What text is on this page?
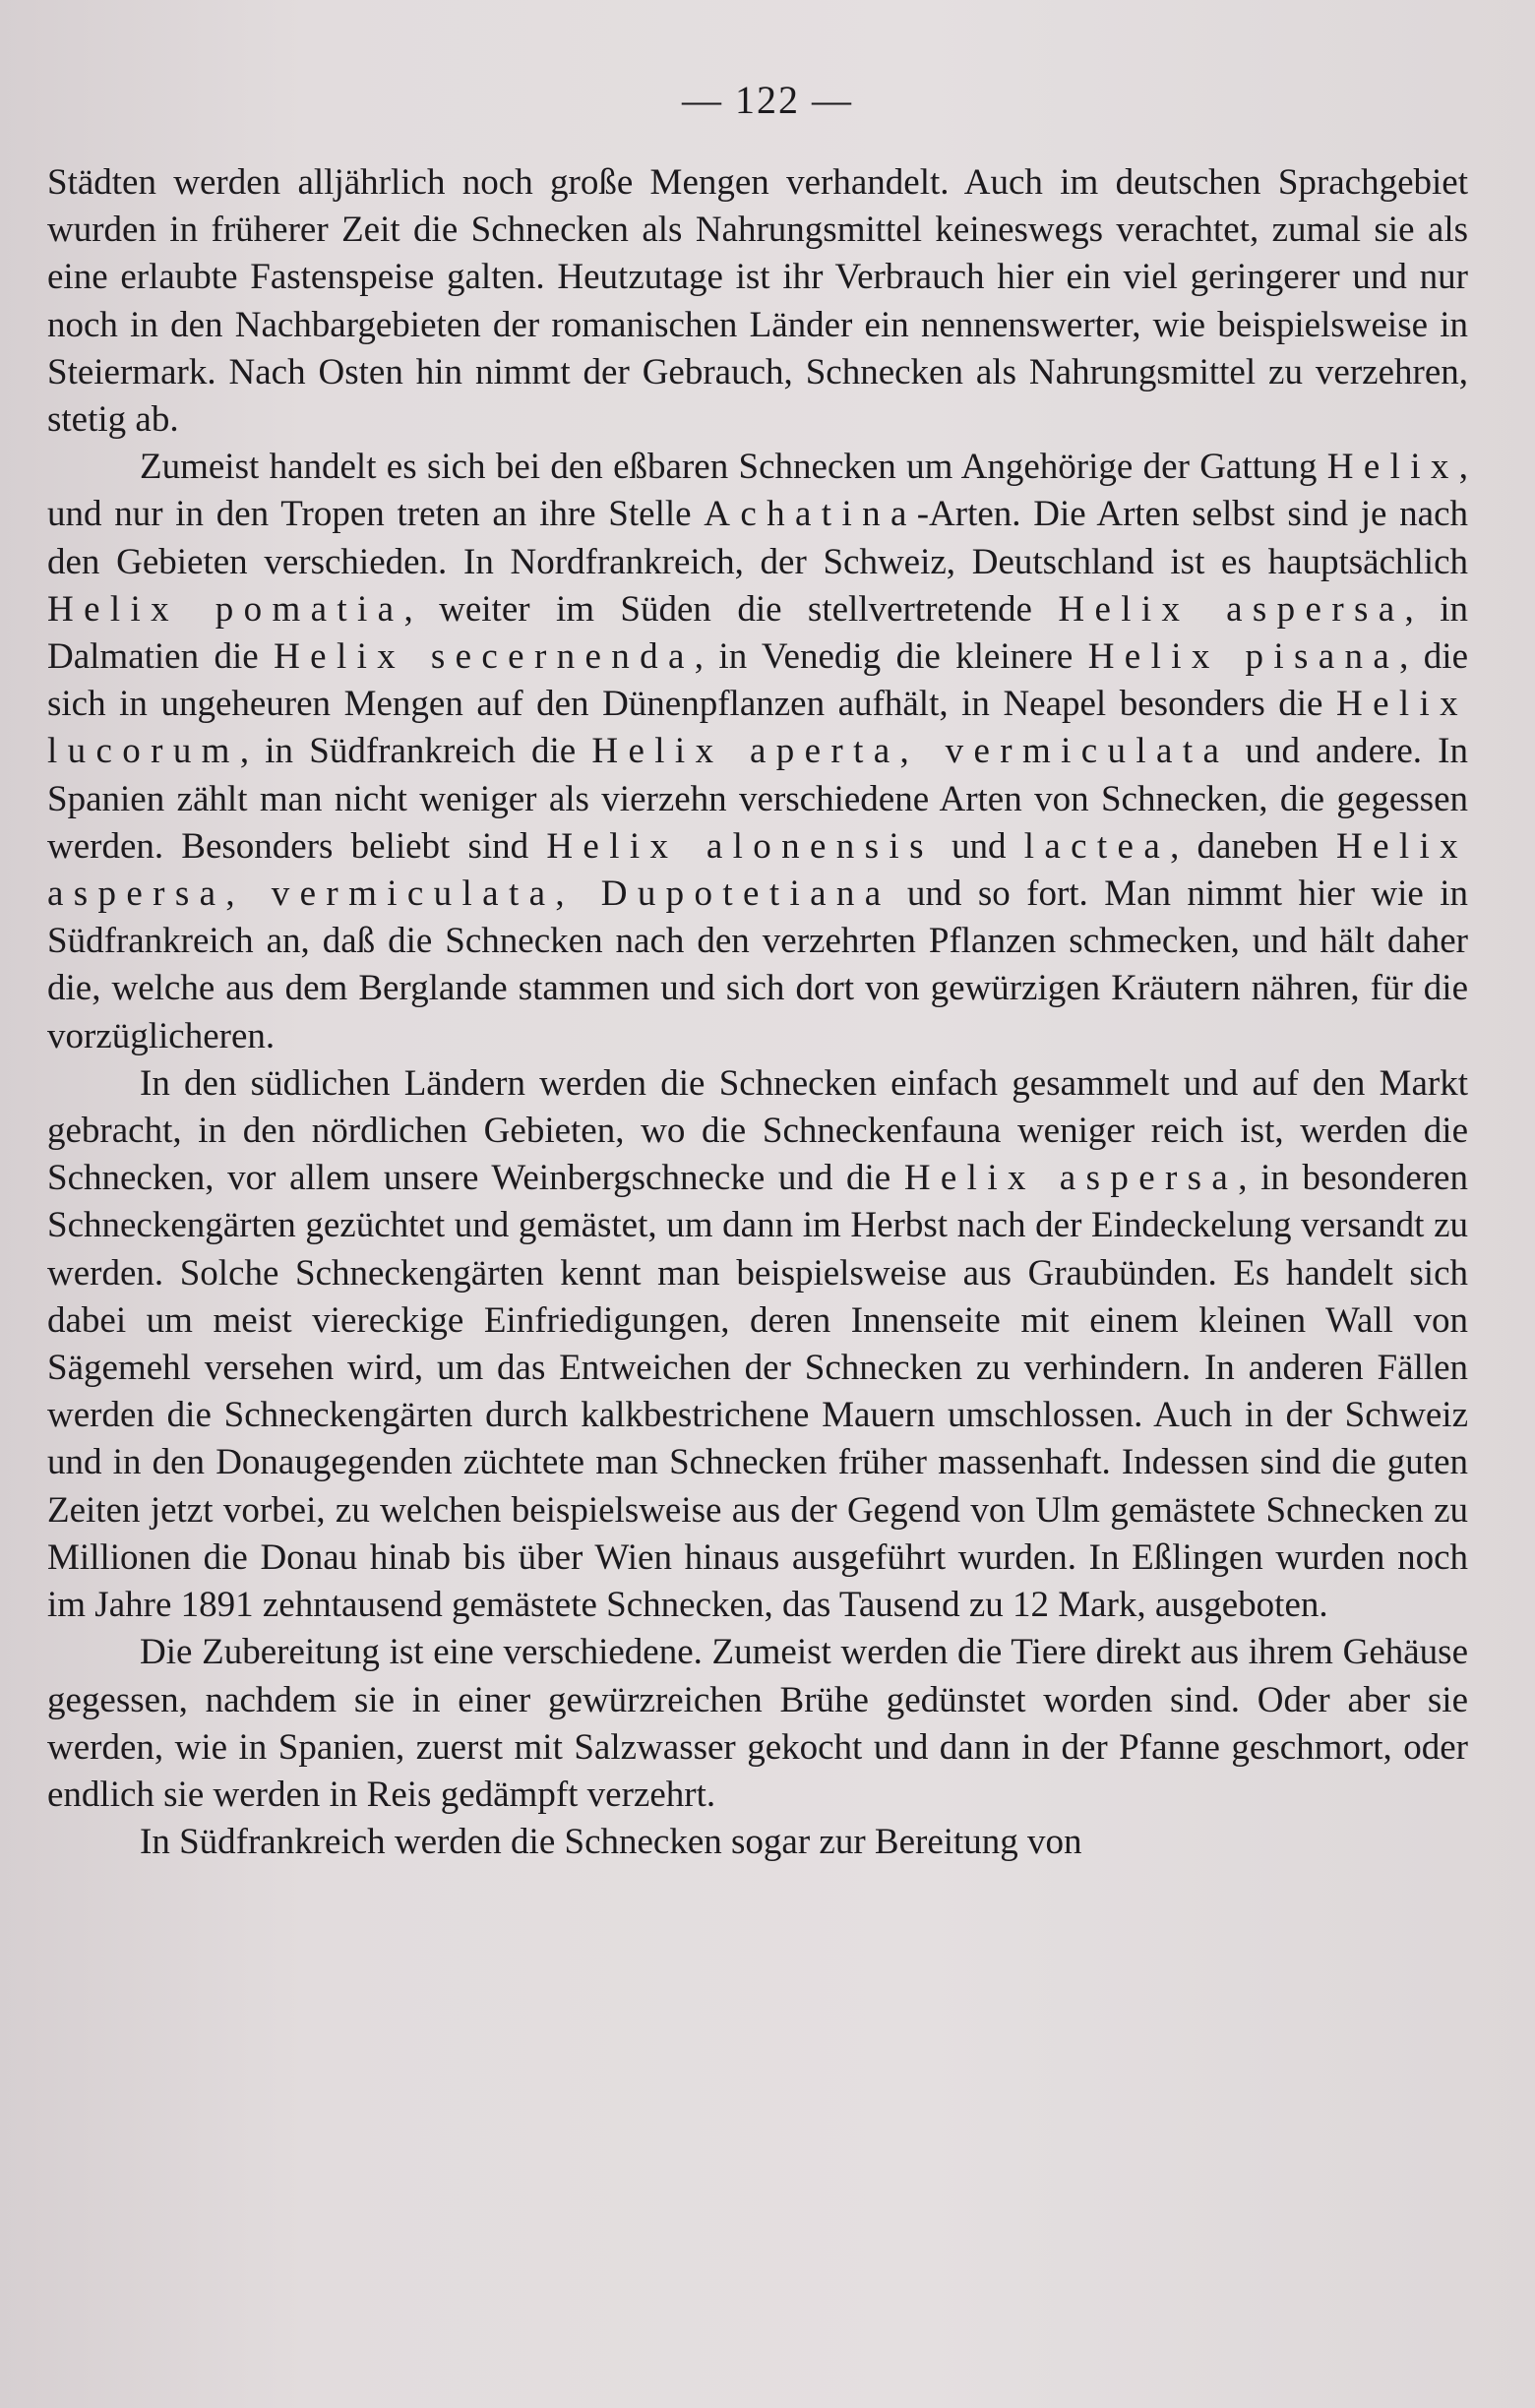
— 122 —

Städten werden alljährlich noch große Mengen verhandelt. Auch im deutschen Sprachgebiet wurden in früherer Zeit die Schnecken als Nahrungsmittel keineswegs verachtet, zumal sie als eine erlaubte Fastenspeise galten. Heutzutage ist ihr Verbrauch hier ein viel geringerer und nur noch in den Nachbargebieten der romanischen Länder ein nennenswerter, wie beispielsweise in Steiermark. Nach Osten hin nimmt der Gebrauch, Schnecken als Nahrungsmittel zu verzehren, stetig ab.

Zumeist handelt es sich bei den eßbaren Schnecken um Angehörige der Gattung Helix, und nur in den Tropen treten an ihre Stelle Achatina-Arten. Die Arten selbst sind je nach den Gebieten verschieden. In Nordfrankreich, der Schweiz, Deutschland ist es hauptsächlich Helix pomatia, weiter im Süden die stellvertretende Helix aspersa, in Dalmatien die Helix secernenda, in Venedig die kleinere Helix pisana, die sich in ungeheuren Mengen auf den Dünenpflanzen aufhält, in Neapel besonders die Helix lucorum, in Südfrankreich die Helix aperta, vermiculata und andere. In Spanien zählt man nicht weniger als vierzehn verschiedene Arten von Schnecken, die gegessen werden. Besonders beliebt sind Helix alonensis und lactea, daneben Helix aspersa, vermiculata, Dupotetiana und so fort. Man nimmt hier wie in Südfrankreich an, daß die Schnecken nach den verzehrten Pflanzen schmecken, und hält daher die, welche aus dem Berglande stammen und sich dort von gewürzigen Kräutern nähren, für die vorzüglicheren.

In den südlichen Ländern werden die Schnecken einfach gesammelt und auf den Markt gebracht, in den nördlichen Gebieten, wo die Schneckenfauna weniger reich ist, werden die Schnecken, vor allem unsere Weinbergschnecke und die Helix aspersa, in besonderen Schneckengärten gezüchtet und gemästet, um dann im Herbst nach der Eindeckelung versandt zu werden. Solche Schneckengärten kennt man beispielsweise aus Graubünden. Es handelt sich dabei um meist viereckige Einfriedigungen, deren Innenseite mit einem kleinen Wall von Sägemehl versehen wird, um das Entweichen der Schnecken zu verhindern. In anderen Fällen werden die Schneckengärten durch kalkbestrichene Mauern umschlossen. Auch in der Schweiz und in den Donaugegenden züchtete man Schnecken früher massenhaft. Indessen sind die guten Zeiten jetzt vorbei, zu welchen beispielsweise aus der Gegend von Ulm gemästete Schnecken zu Millionen die Donau hinab bis über Wien hinaus ausgeführt wurden. In Eßlingen wurden noch im Jahre 1891 zehntausend gemästete Schnecken, das Tausend zu 12 Mark, ausgeboten.

Die Zubereitung ist eine verschiedene. Zumeist werden die Tiere direkt aus ihrem Gehäuse gegessen, nachdem sie in einer gewürzreichen Brühe gedünstet worden sind. Oder aber sie werden, wie in Spanien, zuerst mit Salzwasser gekocht und dann in der Pfanne geschmort, oder endlich sie werden in Reis gedämpft verzehrt.

In Südfrankreich werden die Schnecken sogar zur Bereitung von
